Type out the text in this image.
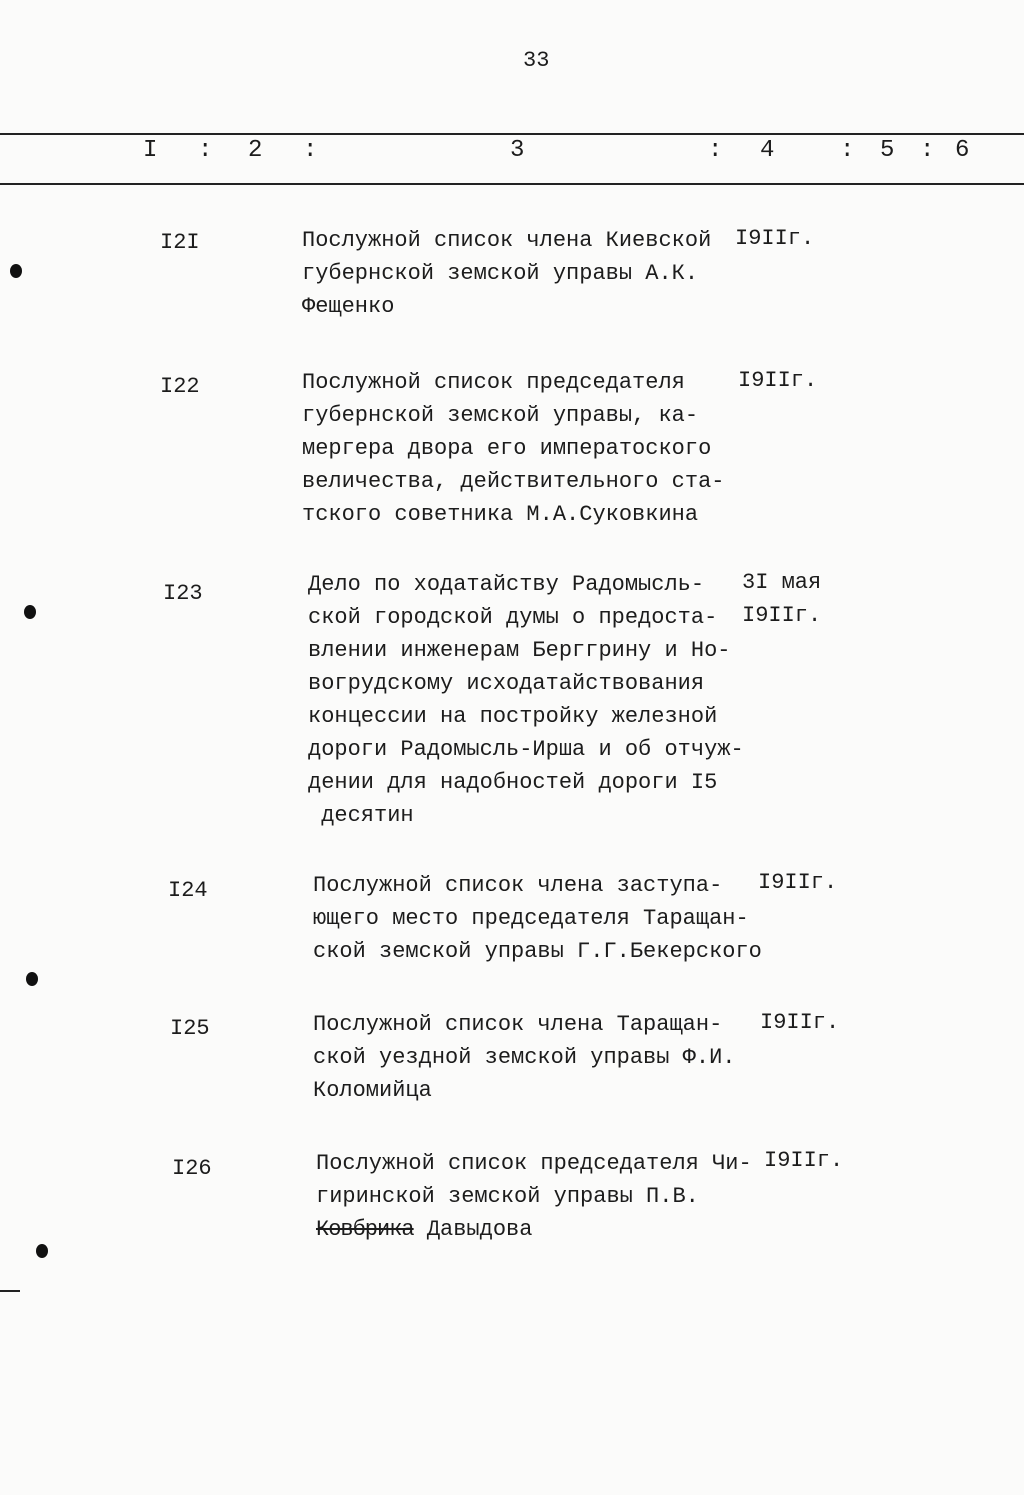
33
I : 2 :	3	: 4	: 5 : 6
I2I	Послужной список члена Киевской
губернской земской управы А.К.
Фещенко
I9IIг.
I22	Послужной список председателя
губернской земской управы, ка-
мергера двора его императоского
величества, действительного ста-
тского советника М.А.Суковкина
I9IIг.
I23	Дело по ходатайству Радомысль-
ской городской думы о предоста-
влении инженерам Берггрину и Но-
вогрудскому исходатайствования
концессии на постройку железной
дороги Радомысль-Ирша и об отчуж-
дении для надобностей дороги I5
десятин
3I мая
I9IIг.
I24	Послужной список члена заступа-
ющего место председателя Таращан-
ской земской управы Г.Г.Бекерского
I9IIг.
I25	Послужной список члена Таращан-
ской уездной земской управы Ф.И.
Коломийца
I9IIг.
I26	Послужной список председателя Чи-
гиринской земской управы П.В.
Ковбрика Давыдова
I9IIг.
